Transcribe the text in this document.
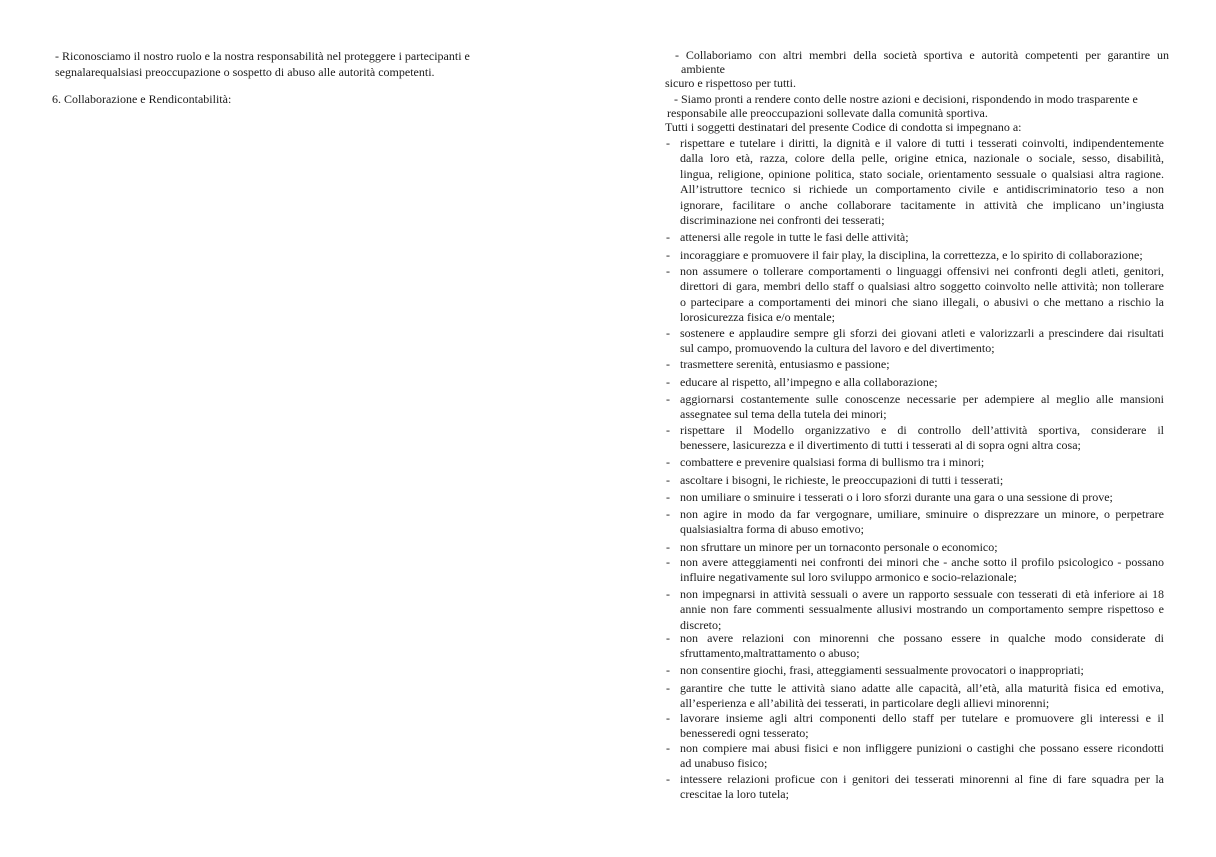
- Riconosciamo il nostro ruolo e la nostra responsabilità nel proteggere i partecipanti e
segnalarequalsiasi preoccupazione o sospetto di abuso alle autorità competenti.
6. Collaborazione e Rendicontabilità:
- Collaboriamo con altri membri della società sportiva e autorità competenti per garantire un
ambiente
sicuro e rispettoso per tutti.
- Siamo pronti a rendere conto delle nostre azioni e decisioni, rispondendo in modo trasparente e
responsabile alle preoccupazioni sollevate dalla comunità sportiva.
Tutti i soggetti destinatari del presente Codice di condotta si impegnano a:
- rispettare e tutelare i diritti, la dignità e il valore di tutti i tesserati coinvolti, indipendentemente
dalla loro età, razza, colore della pelle, origine etnica, nazionale o sociale, sesso, disabilità,
lingua, religione, opinione politica, stato sociale, orientamento sessuale o qualsiasi altra ragione.
All’istruttore tecnico si richiede un comportamento civile e antidiscriminatorio teso a non
ignorare, facilitare o anche collaborare tacitamente in attività che implicano un’ingiusta
discriminazione nei confronti dei tesserati;
- attenersi alle regole in tutte le fasi delle attività;
- incoraggiare e promuovere il fair play, la disciplina, la correttezza, e lo spirito di collaborazione;
- non assumere o tollerare comportamenti o linguaggi offensivi nei confronti degli atleti, genitori,
direttori di gara, membri dello staff o qualsiasi altro soggetto coinvolto nelle attività; non tollerare
o partecipare a comportamenti dei minori che siano illegali, o abusivi o che mettano a rischio la
lorosicurezza fisica e/o mentale;
- sostenere e applaudire sempre gli sforzi dei giovani atleti e valorizzarli a prescindere dai risultati
sul campo, promuovendo la cultura del lavoro e del divertimento;
- trasmettere serenità, entusiasmo e passione;
- educare al rispetto, all’impegno e alla collaborazione;
- aggiornarsi costantemente sulle conoscenze necessarie per adempiere al meglio alle mansioni
assegnatee sul tema della tutela dei minori;
- rispettare il Modello organizzativo e di controllo dell’attività sportiva, considerare il
benessere, lasicurezza e il divertimento di tutti i tesserati al di sopra ogni altra cosa;
- combattere e prevenire qualsiasi forma di bullismo tra i minori;
- ascoltare i bisogni, le richieste, le preoccupazioni di tutti i tesserati;
- non umiliare o sminuire i tesserati o i loro sforzi durante una gara o una sessione di prove;
- non agire in modo da far vergognare, umiliare, sminuire o disprezzare un minore, o perpetrare
qualsiasialtra forma di abuso emotivo;
- non sfruttare un minore per un tornaconto personale o economico;
- non avere atteggiamenti nei confronti dei minori che - anche sotto il profilo psicologico - possano
influire negativamente sul loro sviluppo armonico e socio-relazionale;
- non impegnarsi in attività sessuali o avere un rapporto sessuale con tesserati di età inferiore ai 18
annie non fare commenti sessualmente allusivi mostrando un comportamento sempre rispettoso e
discreto;
- non avere relazioni con minorenni che possano essere in qualche modo considerate di
sfruttamento,maltrattamento o abuso;
- non consentire giochi, frasi, atteggiamenti sessualmente provocatori o inappropriati;
- garantire che tutte le attività siano adatte alle capacità, all’età, alla maturità fisica ed emotiva,
all’esperienza e all’abilità dei tesserati, in particolare degli allievi minorenni;
- lavorare insieme agli altri componenti dello staff per tutelare e promuovere gli interessi e il
benesseredi ogni tesserato;
- non compiere mai abusi fisici e non infliggere punizioni o castighi che possano essere ricondotti
ad unabuso fisico;
- intessere relazioni proficue con i genitori dei tesserati minorenni al fine di fare squadra per la
crescitae la loro tutela;
